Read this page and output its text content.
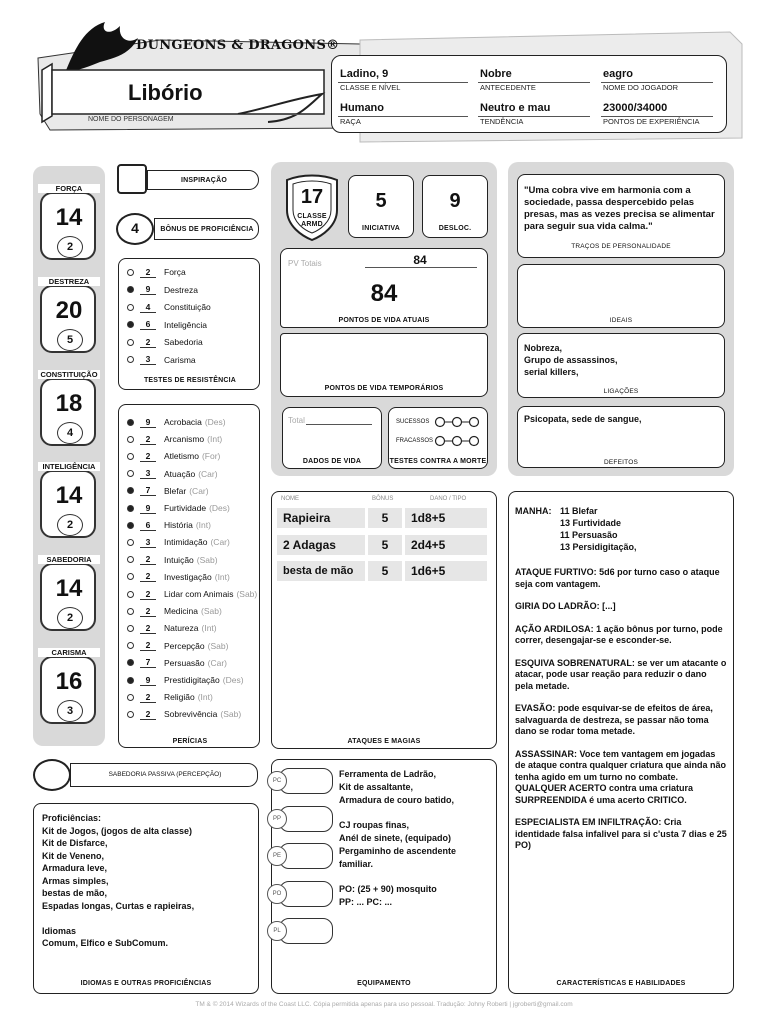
DUNGEONS & DRAGONS®
Libório
NOME DO PERSONAGEM
Ladino, 9
CLASSE E NÍVEL
Nobre
ANTECEDENTE
eagro
NOME DO JOGADOR
Humano
RAÇA
Neutro e mau
TENDÊNCIA
23000/34000
PONTOS DE EXPERIÊNCIA
FORÇA
14
2
DESTREZA
20
5
CONSTITUIÇÃO
18
4
INTELIGÊNCIA
14
2
SABEDORIA
14
2
CARISMA
16
3
INSPIRAÇÃO
4	BÔNUS DE PROFICIÊNCIA
2	Força
9	Destreza
4	Constituição
6	Inteligência
2	Sabedoria
3	Carisma
TESTES DE RESISTÊNCIA
9	Acrobacia (Des)
2	Arcanismo (Int)
2	Atletismo (For)
3	Atuação (Car)
7	Blefar (Car)
9	Furtividade (Des)
6	História (Int)
3	Intimidação (Car)
2	Intuição (Sab)
2	Investigação (Int)
2	Lidar com Animais (Sab)
2	Medicina (Sab)
2	Natureza (Int)
2	Percepção (Sab)
7	Persuasão (Car)
9	Prestidigitação (Des)
2	Religião (Int)
2	Sobrevivência (Sab)
PERÍCIAS
17
CLASSE
ARMD
5
INICIATIVA
9
DESLOC.
PV Totais	84
84
PONTOS DE VIDA ATUAIS
PONTOS DE VIDA TEMPORÁRIOS
Total
DADOS DE VIDA
SUCESSOS
FRACASSOS
TESTES CONTRA A MORTE
NOME	BÔNUS	DANO / TIPO
Rapieira	5	1d8+5
2 Adagas	5	2d4+5
besta de mão	5	1d6+5
ATAQUES E MAGIAS
"Uma cobra vive em harmonia com a sociedade, passa despercebido pelas presas, mas as vezes precisa se alimentar para seguir sua vida calma."
TRAÇOS DE PERSONALIDADE
IDEAIS
Nobreza,
Grupo de assassinos,
serial killers,
LIGAÇÕES
Psicopata, sede de sangue,
DEFEITOS
MANHA: 11 Blefar
13 Furtividade
11 Persuasão
13 Persidigitação,

ATAQUE FURTIVO: 5d6 por turno caso o ataque seja com vantagem.

GIRIA DO LADRÃO: [...]

AÇÃO ARDILOSA: 1 ação bônus por turno, pode correr, desengajar-se e esconder-se.

ESQUIVA SOBRENATURAL: se ver um atacante o atacar, pode usar reação para reduzir o dano pela metade.

EVASÃO: pode esquivar-se de efeitos de área, salvaguarda de destreza, se passar não toma dano se rodar toma metade.

ASSASSINAR: Voce tem vantagem em jogadas de ataque contra qualquer criatura que ainda não tenha agido em um turno no combate. QUALQUER ACERTO contra uma criatura SURPREENDIDA é uma acerto CRITICO.

ESPECIALISTA EM INFILTRAÇÃO: Cria identidade falsa infalivel para si c'usta 7 dias e 25 PO)

CARACTERÍSTICAS E HABILIDADES
SABEDORIA PASSIVA (PERCEPÇÃO)
Proficiências:
Kit de Jogos, (jogos de alta classe)
Kit de Disfarce,
Kit de Veneno,
Armadura leve,
Armas simples,
bestas de mão,
Espadas longas, Curtas e rapieiras,
Idiomas
Comum, Elfico e SubComum.
IDIOMAS E OUTRAS PROFICIÊNCIAS
PC
PP
PE
PO
PL
Ferramenta de Ladrão,
Kit de assaltante,
Armadura de couro batido,
CJ roupas finas,
Anél de sinete, (equipado)
Pergaminho de ascendente
familiar.
PO: (25 + 90) mosquito
PP: ... PC: ...
EQUIPAMENTO
TM & © 2014 Wizards of the Coast LLC. Cópia permitida apenas para uso pessoal. Tradução: Johny Roberti | jgroberti@gmail.com
